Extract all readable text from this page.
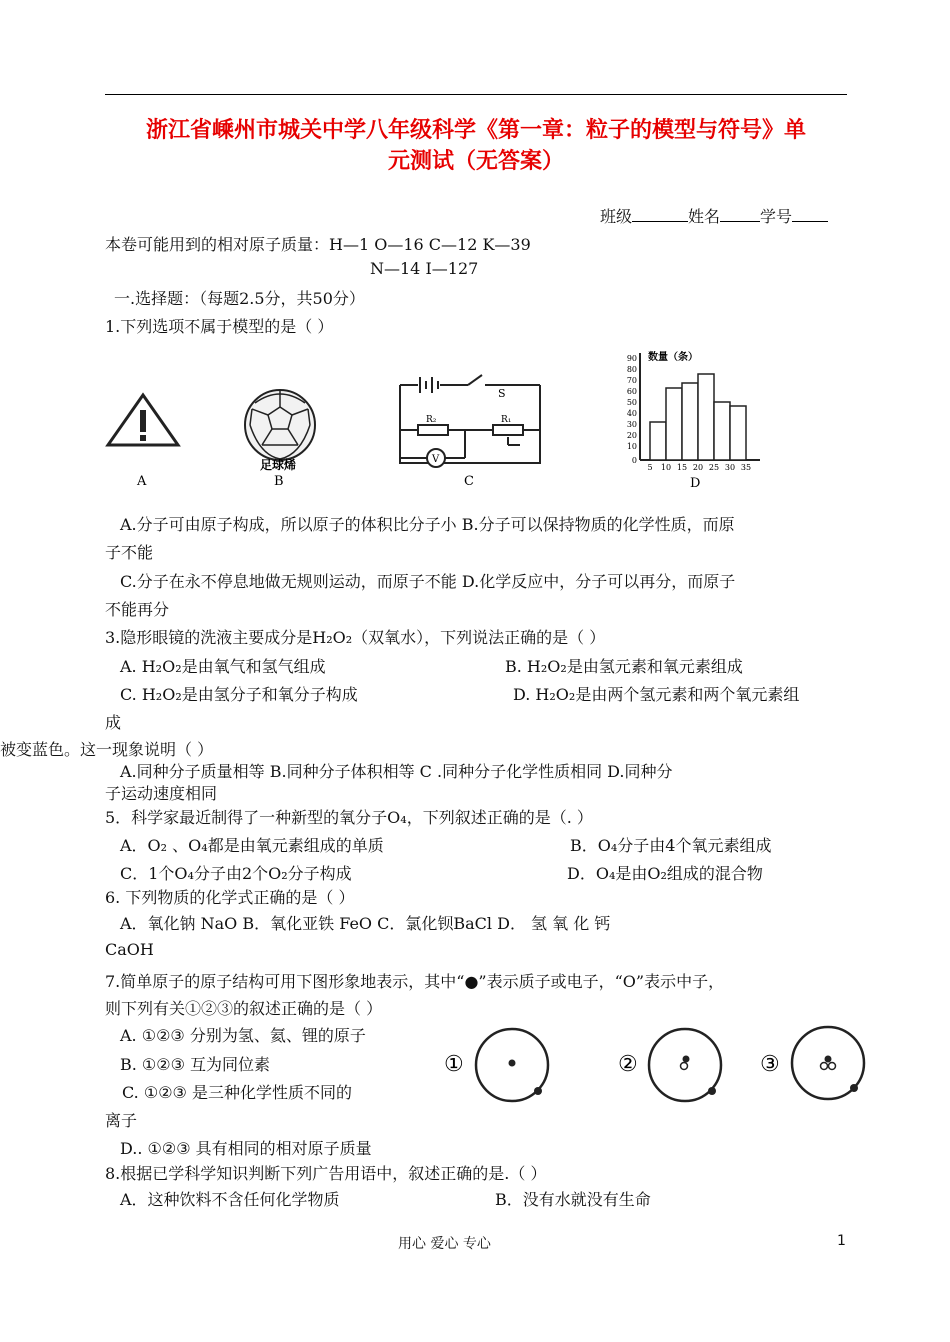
浙江省嵊州市城关中学八年级科学《第一章：粒子的模型与符号》单
元测试（无答案）
班级	姓名	学号
本卷可能用到的相对原子质量：H—1 O—16 C—12 K—39
N—14 I—127
一.选择题：（每题2.5分，共50分）
1.下列选项不属于模型的是（ ）
A
足球烯
B
S
R₂	R₁
V
C
数量（条）
90
80
70
60
50
40
30
20
10
0
5 10 15 20 25 30 35
D
A.分子可由原子构成，所以原子的体积比分子小 B.分子可以保持物质的化学性质，而原
子不能
C.分子在永不停息地做无规则运动，而原子不能 D.化学反应中，分子可以再分，而原子
不能再分
3.隐形眼镜的洗液主要成分是H₂O₂（双氧水），下列说法正确的是（ ）
A. H₂O₂是由氧气和氢气组成	B. H₂O₂是由氢元素和氧元素组成
C. H₂O₂是由氢分子和氧分子构成	D. H₂O₂是由两个氢元素和两个氧元素组
成
被变蓝色。这一现象说明（ ）
A.同种分子质量相等 B.同种分子体积相等 C .同种分子化学性质相同 D.同种分
子运动速度相同
5．科学家最近制得了一种新型的氧分子O₄，下列叙述正确的是（. ）
A．O₂ 、O₄都是由氧元素组成的单质	B．O₄分子由4个氧元素组成
C．1个O₄分子由2个O₂分子构成	D．O₄是由O₂组成的混合物
6. 下列物质的化学式正确的是（ ）
A．氧化钠 NaO B．氧化亚铁 FeO C．氯化钡BaCl D． 氢 氧 化 钙
CaOH
7.简单原子的原子结构可用下图形象地表示，其中“●”表示质子或电子，“O”表示中子，
则下列有关①②③的叙述正确的是（ ）
A. ①②③ 分别为氢、氦、锂的原子
B. ①②③ 互为同位素
C. ①②③ 是三种化学性质不同的
离子
D.. ①②③ 具有相同的相对原子质量
①	②	③
8.根据已学科学知识判断下列广告用语中，叙述正确的是.（ ）
A．这种饮料不含任何化学物质	B．没有水就没有生命
用心 爱心 专心	1
